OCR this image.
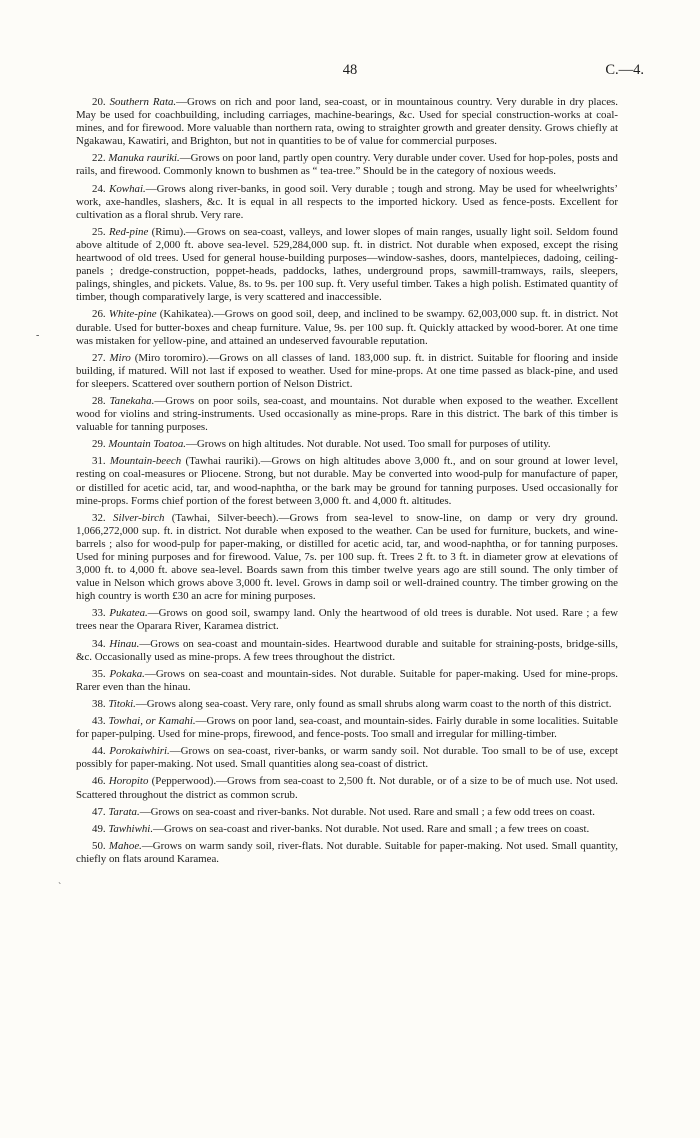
48	C.—4.
-
`

20. Southern Rata.—Grows on rich and poor land, sea-coast, or in mountainous country. Very durable in dry places. May be used for coachbuilding, including carriages, machine-bearings, &c. Used for special construction-works at coal-mines, and for firewood. More valuable than northern rata, owing to straighter growth and greater density. Grows chiefly at Ngakawau, Kawatiri, and Brighton, but not in quantities to be of value for commercial purposes.

22. Manuka rauriki.—Grows on poor land, partly open country. Very durable under cover. Used for hop-poles, posts and rails, and firewood. Commonly known to bushmen as “ tea-tree.” Should be in the category of noxious weeds.

24. Kowhai.—Grows along river-banks, in good soil. Very durable ; tough and strong. May be used for wheelwrights’ work, axe-handles, slashers, &c. It is equal in all respects to the imported hickory. Used as fence-posts. Excellent for cultivation as a floral shrub. Very rare.

25. Red-pine (Rimu).—Grows on sea-coast, valleys, and lower slopes of main ranges, usually light soil. Seldom found above altitude of 2,000 ft. above sea-level. 529,284,000 sup. ft. in district. Not durable when exposed, except the rising heartwood of old trees. Used for general house-building purposes—window-sashes, doors, mantelpieces, dadoing, ceiling-panels ; dredge-construction, poppet-heads, paddocks, lathes, underground props, sawmill-tramways, rails, sleepers, palings, shingles, and pickets. Value, 8s. to 9s. per 100 sup. ft. Very useful timber. Takes a high polish. Estimated quantity of timber, though comparatively large, is very scattered and inaccessible.

26. White-pine (Kahikatea).—Grows on good soil, deep, and inclined to be swampy. 62,003,000 sup. ft. in district. Not durable. Used for butter-boxes and cheap furniture. Value, 9s. per 100 sup. ft. Quickly attacked by wood-borer. At one time was mistaken for yellow-pine, and attained an undeserved favourable reputation.

27. Miro (Miro toromiro).—Grows on all classes of land. 183,000 sup. ft. in district. Suitable for flooring and inside building, if matured. Will not last if exposed to weather. Used for mine-props. At one time passed as black-pine, and used for sleepers. Scattered over southern portion of Nelson District.

28. Tanekaha.—Grows on poor soils, sea-coast, and mountains. Not durable when exposed to the weather. Excellent wood for violins and string-instruments. Used occasionally as mine-props. Rare in this district. The bark of this timber is valuable for tanning purposes.

29. Mountain Toatoa.—Grows on high altitudes. Not durable. Not used. Too small for purposes of utility.

31. Mountain-beech (Tawhai rauriki).—Grows on high altitudes above 3,000 ft., and on sour ground at lower level, resting on coal-measures or Pliocene. Strong, but not durable. May be converted into wood-pulp for manufacture of paper, or distilled for acetic acid, tar, and wood-naphtha, or the bark may be ground for tanning purposes. Used occasionally for mine-props. Forms chief portion of the forest between 3,000 ft. and 4,000 ft. altitudes.

32. Silver-birch (Tawhai, Silver-beech).—Grows from sea-level to snow-line, on damp or very dry ground. 1,066,272,000 sup. ft. in district. Not durable when exposed to the weather. Can be used for furniture, buckets, and wine-barrels ; also for wood-pulp for paper-making, or distilled for acetic acid, tar, and wood-naphtha, or for tanning purposes. Used for mining purposes and for firewood. Value, 7s. per 100 sup. ft. Trees 2 ft. to 3 ft. in diameter grow at elevations of 3,000 ft. to 4,000 ft. above sea-level. Boards sawn from this timber twelve years ago are still sound. The only timber of value in Nelson which grows above 3,000 ft. level. Grows in damp soil or well-drained country. The timber growing on the high country is worth £30 an acre for mining purposes.

33. Pukatea.—Grows on good soil, swampy land. Only the heartwood of old trees is durable. Not used. Rare ; a few trees near the Oparara River, Karamea district.

34. Hinau.—Grows on sea-coast and mountain-sides. Heartwood durable and suitable for straining-posts, bridge-sills, &c. Occasionally used as mine-props. A few trees throughout the district.

35. Pokaka.—Grows on sea-coast and mountain-sides. Not durable. Suitable for paper-making. Used for mine-props. Rarer even than the hinau.

38. Titoki.—Grows along sea-coast. Very rare, only found as small shrubs along warm coast to the north of this district.

43. Towhai, or Kamahi.—Grows on poor land, sea-coast, and mountain-sides. Fairly durable in some localities. Suitable for paper-pulping. Used for mine-props, firewood, and fence-posts. Too small and irregular for milling-timber.

44. Porokaiwhiri.—Grows on sea-coast, river-banks, or warm sandy soil. Not durable. Too small to be of use, except possibly for paper-making. Not used. Small quantities along sea-coast of district.

46. Horopito (Pepperwood).—Grows from sea-coast to 2,500 ft. Not durable, or of a size to be of much use. Not used. Scattered throughout the district as common scrub.

47. Tarata.—Grows on sea-coast and river-banks. Not durable. Not used. Rare and small ; a few odd trees on coast.

49. Tawhiwhi.—Grows on sea-coast and river-banks. Not durable. Not used. Rare and small ; a few trees on coast.

50. Mahoe.—Grows on warm sandy soil, river-flats. Not durable. Suitable for paper-making. Not used. Small quantity, chiefly on flats around Karamea.
